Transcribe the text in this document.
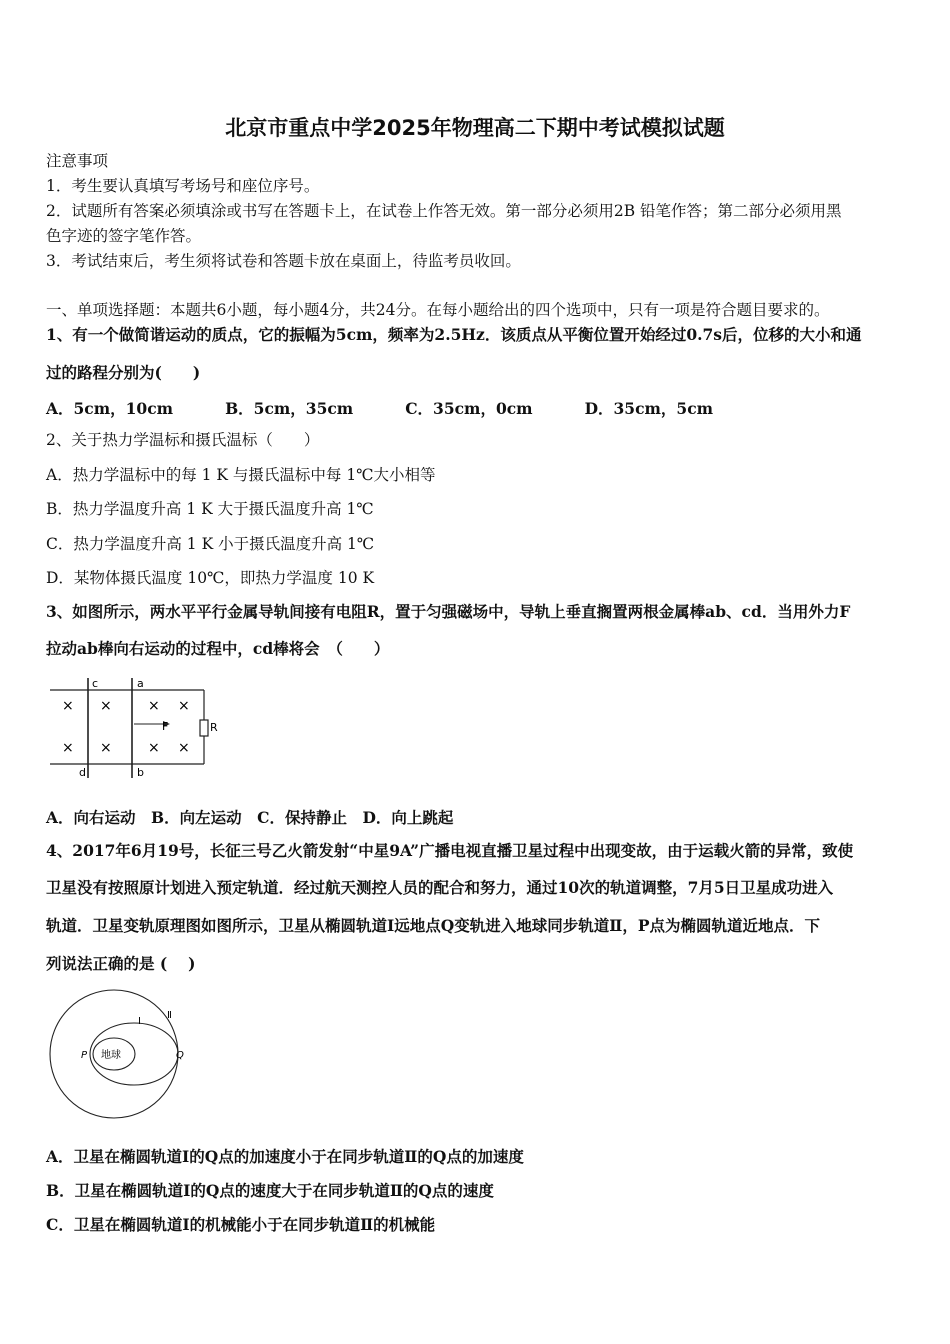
北京市重点中学2025年物理高二下期中考试模拟试题
注意事项
1．考生要认真填写考场号和座位序号。
2．试题所有答案必须填涂或书写在答题卡上，在试卷上作答无效。第一部分必须用2B 铅笔作答；第二部分必须用黑
色字迹的签字笔作答。
3．考试结束后，考生须将试卷和答题卡放在桌面上，待监考员收回。
一、单项选择题：本题共6小题，每小题4分，共24分。在每小题给出的四个选项中，只有一项是符合题目要求的。
1、有一个做简谐运动的质点，它的振幅为5cm，频率为2.5Hz．该质点从平衡位置开始经过0.7s后，位移的大小和通
过的路程分别为(　　)
A．5cm，10cm	B．5cm，35cm	C．35cm，0cm	D．35cm，5cm
2、关于热力学温标和摄氏温标（　　）
A．热力学温标中的每 1 K 与摄氏温标中每 1℃大小相等
B．热力学温度升高 1 K 大于摄氏温度升高 1℃
C．热力学温度升高 1 K 小于摄氏温度升高 1℃
D．某物体摄氏温度 10℃，即热力学温度 10 K
3、如图所示，两水平平行金属导轨间接有电阻R，置于匀强磁场中，导轨上垂直搁置两根金属棒ab、cd．当用外力F
拉动ab棒向右运动的过程中，cd棒将会　（　　）
c	a
d	b
F	R
× ×	× ×
× ×	× ×
A．向右运动　B．向左运动　C．保持静止　D．向上跳起
4、2017年6月19号，长征三号乙火箭发射“中星9A”广播电视直播卫星过程中出现变故，由于运载火箭的异常，致使
卫星没有按照原计划进入预定轨道．经过航天测控人员的配合和努力，通过10次的轨道调整，7月5日卫星成功进入
轨道．卫星变轨原理图如图所示，卫星从椭圆轨道Ⅰ远地点Q变轨进入地球同步轨道Ⅱ，P点为椭圆轨道近地点．下
列说法正确的是 (　 )
地球
P	Q
Ⅰ
Ⅱ
A．卫星在椭圆轨道Ⅰ的Q点的加速度小于在同步轨道Ⅱ的Q点的加速度
B．卫星在椭圆轨道Ⅰ的Q点的速度大于在同步轨道Ⅱ的Q点的速度
C．卫星在椭圆轨道Ⅰ的机械能小于在同步轨道Ⅱ的机械能
